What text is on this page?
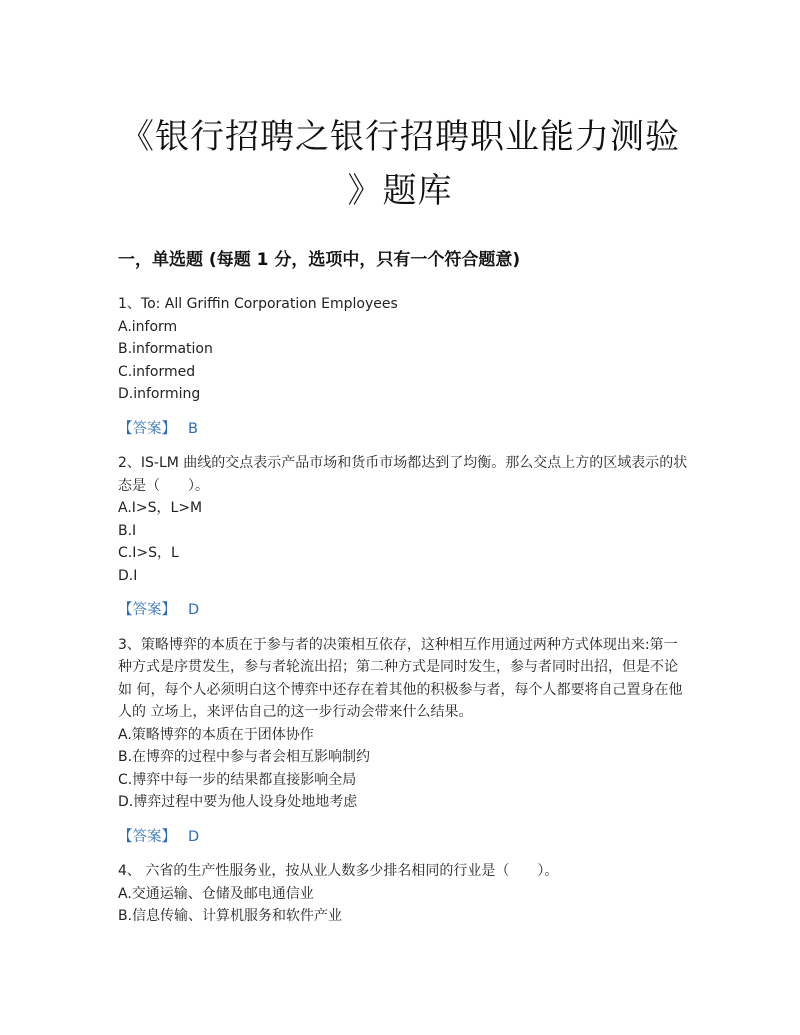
《银行招聘之银行招聘职业能力测验
》题库
一，单选题 (每题 1 分，选项中，只有一个符合题意)

1、To: All Griffin Corporation Employees

A.inform

B.information

C.informed

D.informing

【答案】 B

2、IS-LM 曲线的交点表示产品市场和货币市场都达到了均衡。那么交点上方的区域表示的状态是（　　）。

A.I>S，L>M

B.I

C.I>S，L

D.I

【答案】 D

3、策略博弈的本质在于参与者的决策相互依存，这种相互作用通过两种方式体现出来:第一种方式是序贯发生，参与者轮流出招；第二种方式是同时发生，参与者同时出招，但是不论如 何，每个人必须明白这个博弈中还存在着其他的积极参与者，每个人都要将自己置身在他人的 立场上，来评估自己的这一步行动会带来什么结果。

A.策略博弈的本质在于团体协作

B.在博弈的过程中参与者会相互影响制约

C.博弈中每一步的结果都直接影响全局

D.博弈过程中要为他人设身处地地考虑

【答案】 D

4、 六省的生产性服务业，按从业人数多少排名相同的行业是（　　）。

A.交通运输、仓储及邮电通信业

B.信息传输、计算机服务和软件产业
